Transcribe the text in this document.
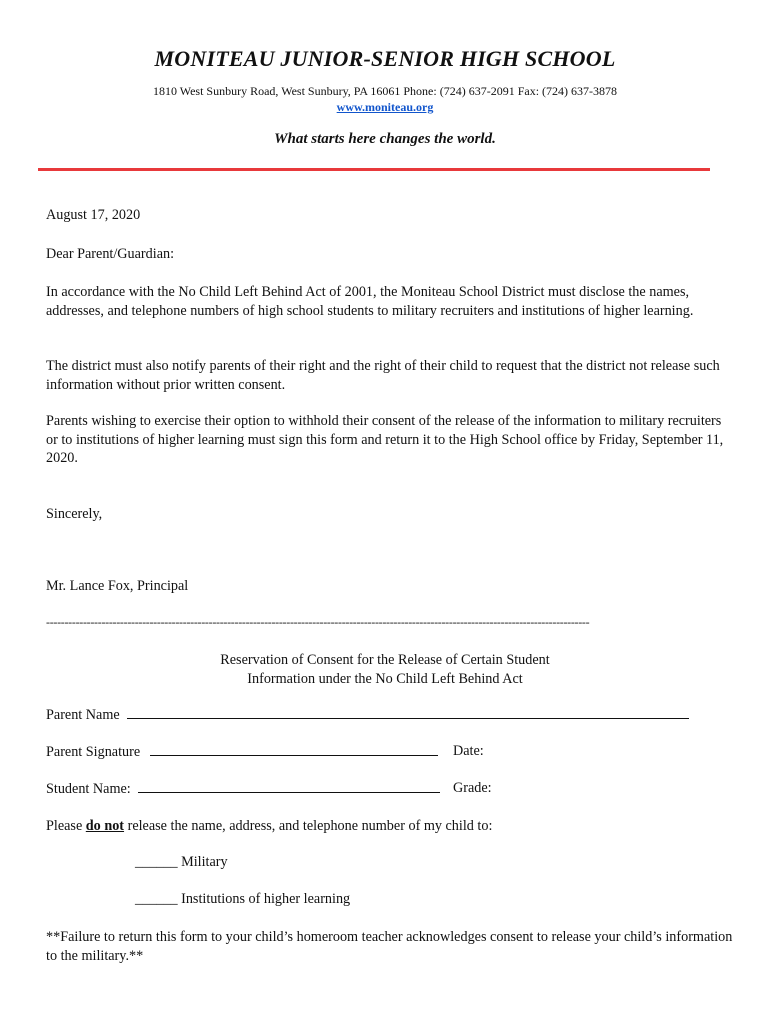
MONITEAU JUNIOR-SENIOR HIGH SCHOOL
1810 West Sunbury Road, West Sunbury, PA 16061 Phone: (724) 637-2091 Fax: (724) 637-3878
www.moniteau.org
What starts here changes the world.
August 17, 2020
Dear Parent/Guardian:
In accordance with the No Child Left Behind Act of 2001, the Moniteau School District must disclose the names, addresses, and telephone numbers of high school students to military recruiters and institutions of higher learning.
The district must also notify parents of their right and the right of their child to request that the district not release such information without prior written consent.
Parents wishing to exercise their option to withhold their consent of the release of the information to military recruiters or to institutions of higher learning must sign this form and return it to the High School office by Friday, September 11, 2020.
Sincerely,
Mr. Lance Fox, Principal
---------------------------------------------------------------------------------------------------------------------------------------------------
Reservation of Consent for the Release of Certain Student
Information under the No Child Left Behind Act
Parent Name
Parent Signature	Date:
Student Name:	Grade:
Please do not release the name, address, and telephone number of my child to:
______ Military
______ Institutions of higher learning
**Failure to return this form to your child’s homeroom teacher acknowledges consent to release your child’s information to the military.**
